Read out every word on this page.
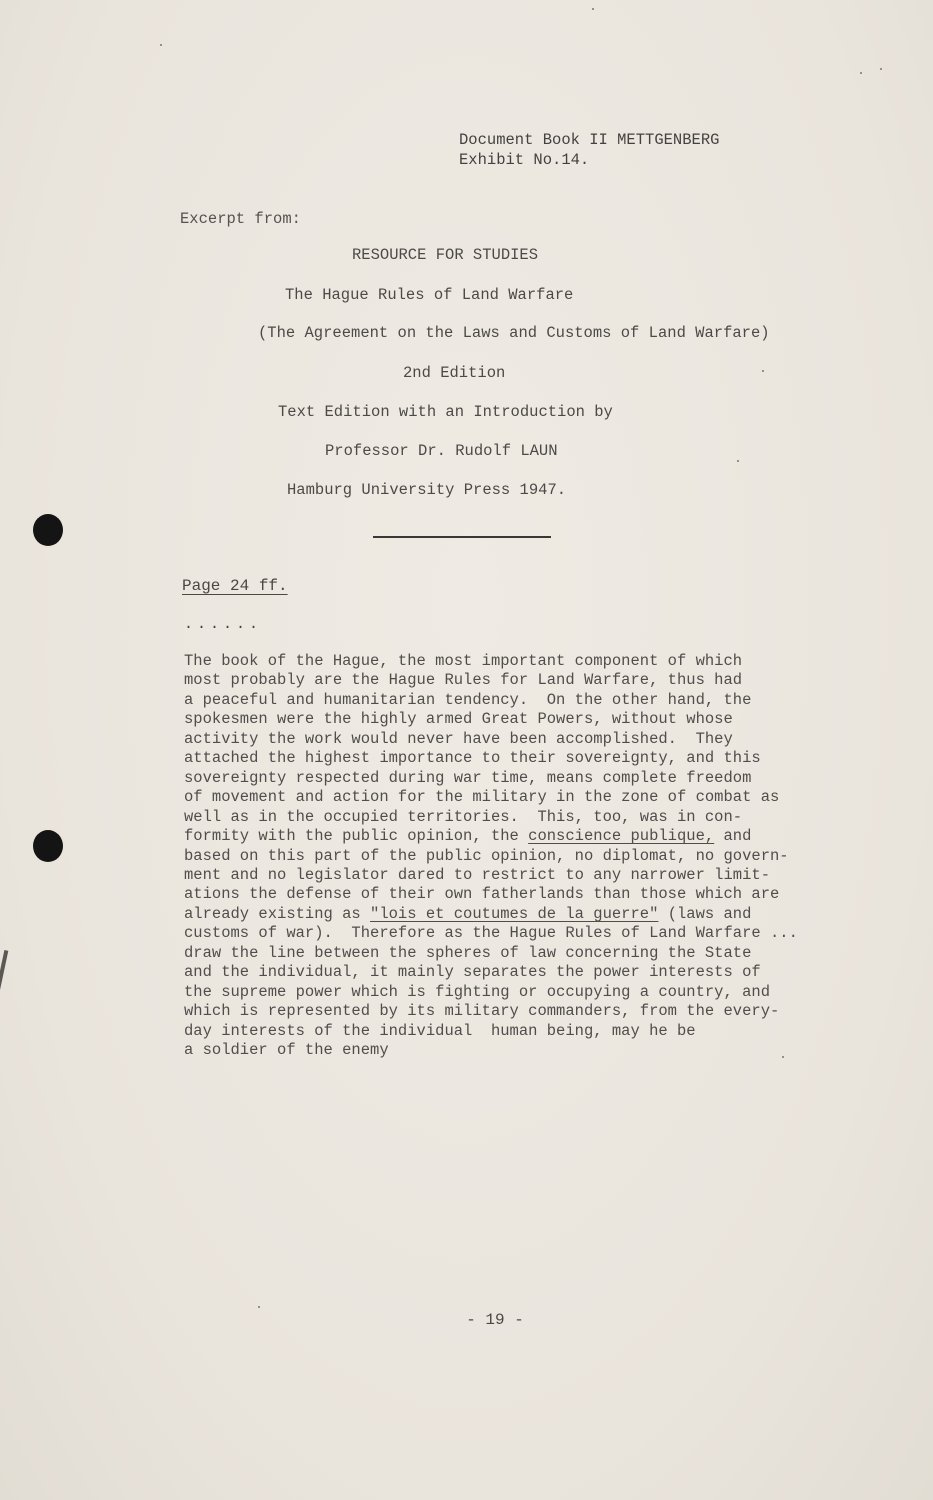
Document Book II METTGENBERG
Exhibit No.14.
Excerpt from:
RESOURCE FOR STUDIES
The Hague Rules of Land Warfare
(The Agreement on the Laws and Customs of Land Warfare)
2nd Edition
Text Edition with an Introduction by
Professor Dr. Rudolf LAUN
Hamburg University Press 1947.
Page 24 ff.
......
The book of the Hague, the most important component of which
most probably are the Hague Rules for Land Warfare, thus had
a peaceful and humanitarian tendency.  On the other hand, the
spokesmen were the highly armed Great Powers, without whose
activity the work would never have been accomplished.  They
attached the highest importance to their sovereignty, and this
sovereignty respected during war time, means complete freedom
of movement and action for the military in the zone of combat as
well as in the occupied territories.  This, too, was in con-
formity with the public opinion, the conscience publique, and
based on this part of the public opinion, no diplomat, no govern-
ment and no legislator dared to restrict to any narrower limit-
ations the defense of their own fatherlands than those which are
already existing as "lois et coutumes de la guerre" (laws and
customs of war).  Therefore as the Hague Rules of Land Warfare ...
draw the line between the spheres of law concerning the State
and the individual, it mainly separates the power interests of
the supreme power which is fighting or occupying a country, and
which is represented by its military commanders, from the every-
day interests of the individual  human being, may he be
a soldier of the enemy
- 19 -
